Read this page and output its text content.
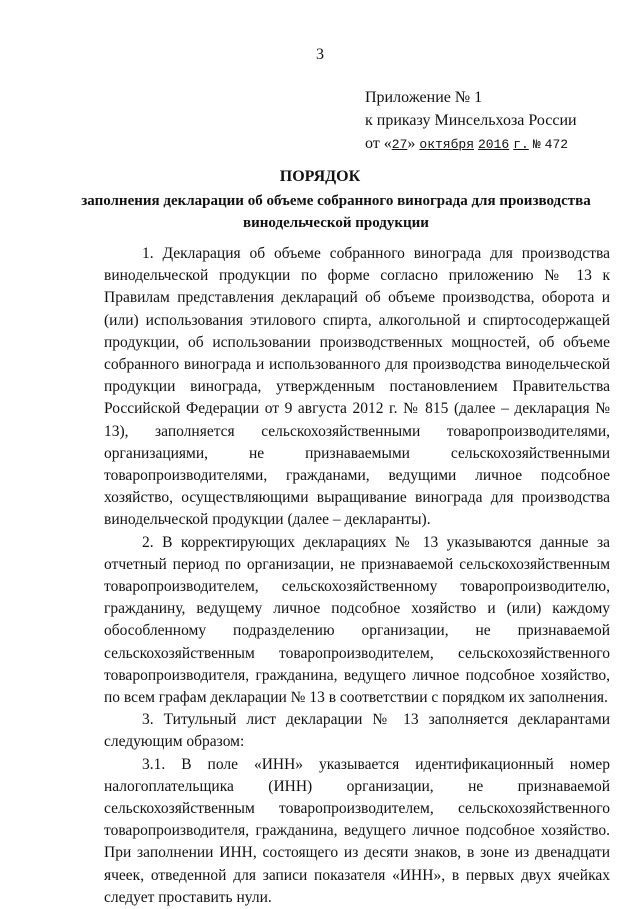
3
Приложение № 1
к приказу Минсельхоза России
от «27» октября 2016 г. № 472
ПОРЯДОК
заполнения декларации об объеме собранного винограда для производства винодельческой продукции

1. Декларация об объеме собранного винограда для производства винодельческой продукции по форме согласно приложению № 13 к Правилам представления деклараций об объеме производства, оборота и (или) использования этилового спирта, алкогольной и спиртосодержащей продукции, об использовании производственных мощностей, об объеме собранного винограда и использованного для производства винодельческой продукции винограда, утвержденным постановлением Правительства Российской Федерации от 9 августа 2012 г. № 815 (далее – декларация № 13), заполняется сельскохозяйственными товаропроизводителями, организациями, не признаваемыми сельскохозяйственными товаропроизводителями, гражданами, ведущими личное подсобное хозяйство, осуществляющими выращивание винограда для производства винодельческой продукции (далее – декларанты).

2. В корректирующих декларациях № 13 указываются данные за отчетный период по организации, не признаваемой сельскохозяйственным товаропроизводителем, сельскохозяйственному товаропроизводителю, гражданину, ведущему личное подсобное хозяйство и (или) каждому обособленному подразделению организации, не признаваемой сельскохозяйственным товаропроизводителем, сельскохозяйственного товаропроизводителя, гражданина, ведущего личное подсобное хозяйство, по всем графам декларации № 13 в соответствии с порядком их заполнения.

3. Титульный лист декларации № 13 заполняется декларантами следующим образом:

3.1. В поле «ИНН» указывается идентификационный номер налогоплательщика (ИНН) организации, не признаваемой сельскохозяйственным товаропроизводителем, сельскохозяйственного товаропроизводителя, гражданина, ведущего личное подсобное хозяйство. При заполнении ИНН, состоящего из десяти знаков, в зоне из двенадцати ячеек, отведенной для записи показателя «ИНН», в первых двух ячейках следует проставить нули.
